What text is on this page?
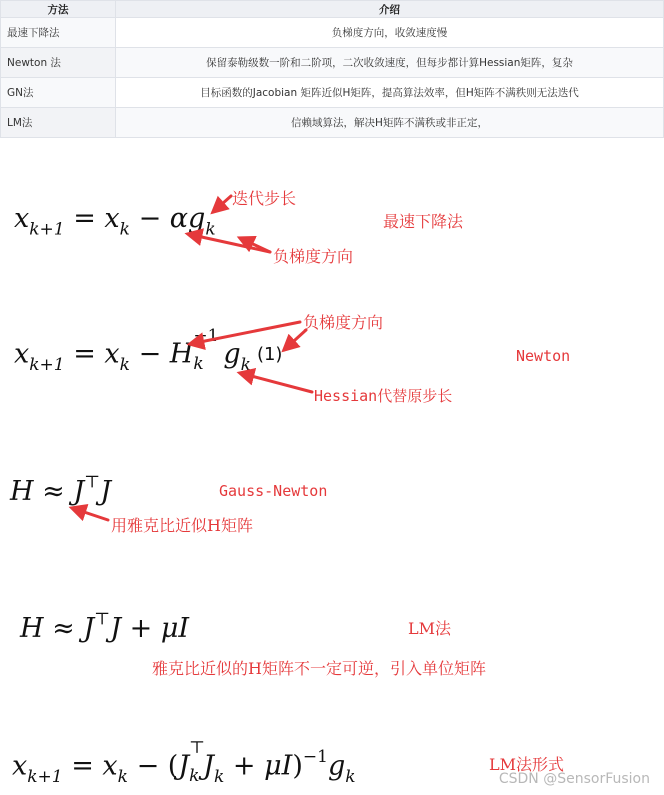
方法	介绍
最速下降法	负梯度方向，收敛速度慢
Newton 法	保留泰勒级数一阶和二阶项，二次收敛速度，但每步都计算Hessian矩阵，复杂
GN法	目标函数的Jacobian 矩阵近似H矩阵，提高算法效率，但H矩阵不满秩则无法迭代
LM法	信赖域算法，解决H矩阵不满秩或非正定，
$x_{k+1} = x_k - \alpha g_k$
$x_{k+1} = x_k - H$
−1
k $g_k(1)$
H ≈ J⊤J
H ≈ J⊤J + μI
$x_{k+1} = x_k - (J$
⊤
k $J_k + \mu I)^{-1}g_k$
迭代步长
负梯度方向
最速下降法
负梯度方向
Newton
Hessian代替原步长
Gauss-Newton
用雅克比近似H矩阵
LM法
雅克比近似的H矩阵不一定可逆，引入单位矩阵
LM法形式
CSDN @SensorFusion
